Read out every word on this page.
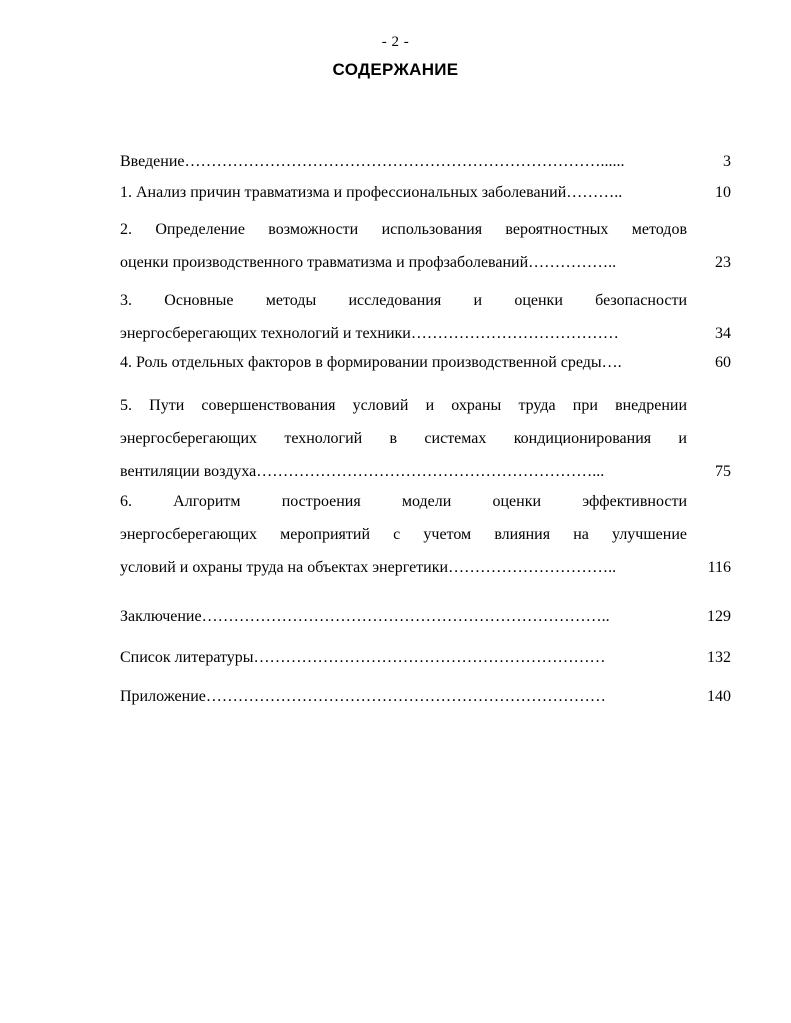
- 2 -
СОДЕРЖАНИЕ
Введение……………………………………………………………………......	3
1. Анализ причин травматизма и профессиональных заболеваний………..	10
2. Определение возможности использования вероятностных методов
оценки производственного травматизма и профзаболеваний……………..	23
3. Основные методы исследования и оценки безопасности
энергосберегающих технологий и техники…………………………………	34
4. Роль отдельных факторов в формировании производственной среды….	60
5. Пути совершенствования условий и охраны труда при внедрении
энергосберегающих технологий в системах кондиционирования и
вентиляции воздуха………………………………………………………...	75
6. Алгоритм построения модели оценки эффективности
энергосберегающих мероприятий с учетом влияния на улучшение
условий и охраны труда на объектах энергетики…………………………..	116
Заключение…………………………………………………………………..	129
Список литературы…………………………………………………………	132
Приложение…………………………………………………………………	140
